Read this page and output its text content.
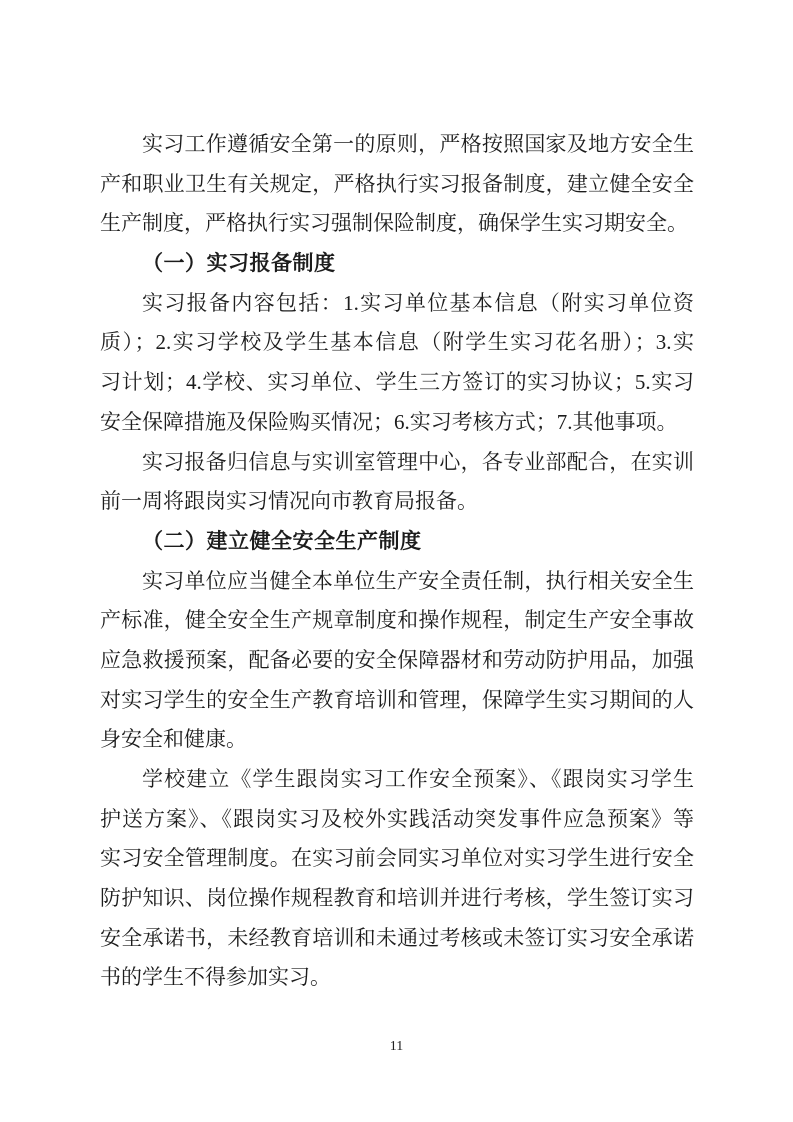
实习工作遵循安全第一的原则，严格按照国家及地方安全生
产和职业卫生有关规定，严格执行实习报备制度，建立健全安全
生产制度，严格执行实习强制保险制度，确保学生实习期安全。
（一）实习报备制度
实习报备内容包括：1.实习单位基本信息（附实习单位资
质）；2.实习学校及学生基本信息（附学生实习花名册）；3.实
习计划；4.学校、实习单位、学生三方签订的实习协议；5.实习
安全保障措施及保险购买情况；6.实习考核方式；7.其他事项。
实习报备归信息与实训室管理中心，各专业部配合，在实训
前一周将跟岗实习情况向市教育局报备。
（二）建立健全安全生产制度
实习单位应当健全本单位生产安全责任制，执行相关安全生
产标准，健全安全生产规章制度和操作规程，制定生产安全事故
应急救援预案，配备必要的安全保障器材和劳动防护用品，加强
对实习学生的安全生产教育培训和管理，保障学生实习期间的人
身安全和健康。
学校建立《学生跟岗实习工作安全预案》、《跟岗实习学生
护送方案》、《跟岗实习及校外实践活动突发事件应急预案》等
实习安全管理制度。在实习前会同实习单位对实习学生进行安全
防护知识、岗位操作规程教育和培训并进行考核，学生签订实习
安全承诺书，未经教育培训和未通过考核或未签订实习安全承诺
书的学生不得参加实习。
11
